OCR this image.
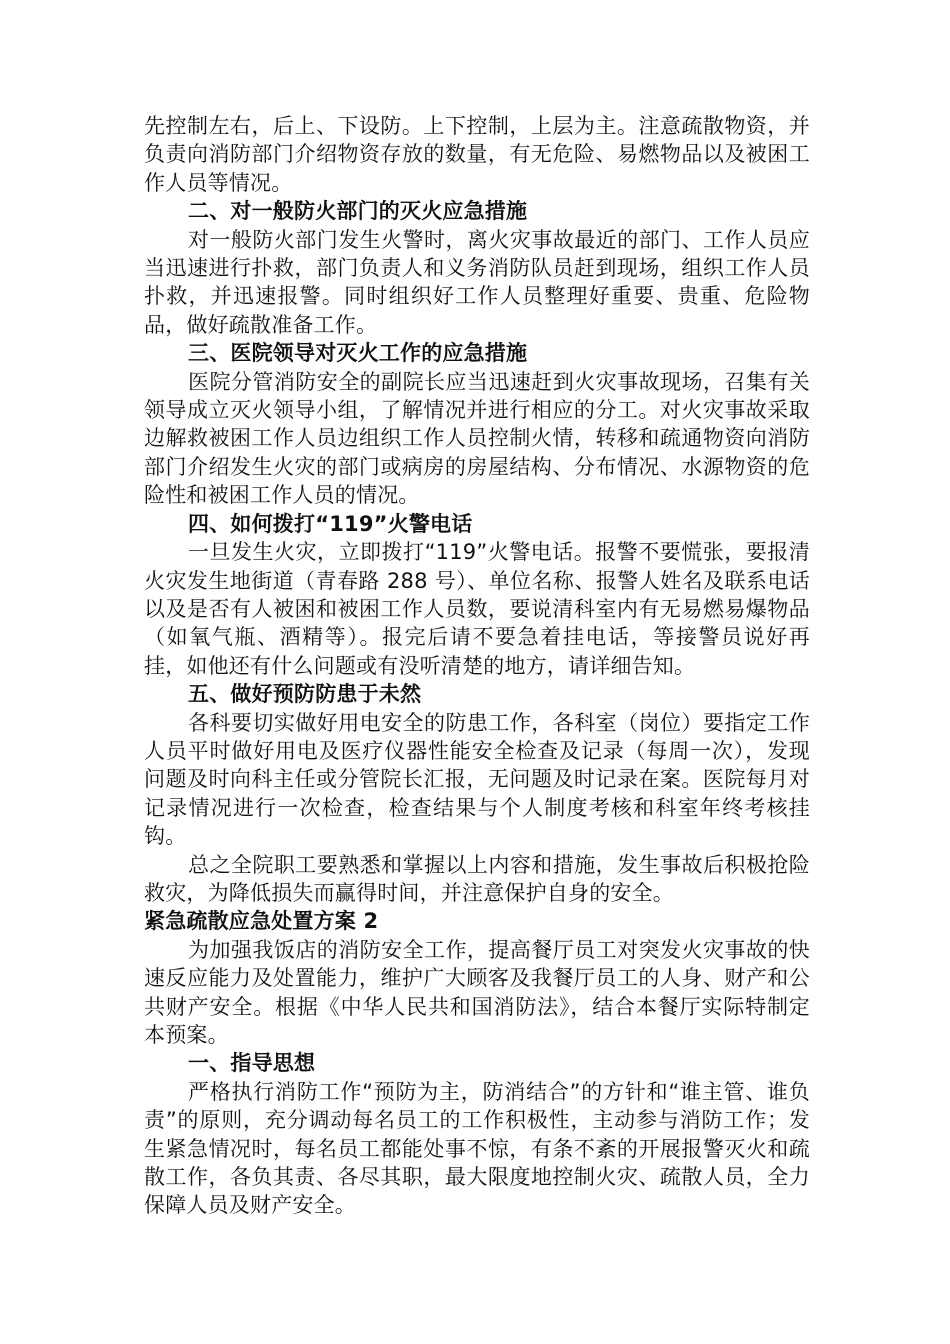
先控制左右，后上、下设防。上下控制，上层为主。注意疏散物资，并负责向消防部门介绍物资存放的数量，有无危险、易燃物品以及被困工作人员等情况。

二、对一般防火部门的灭火应急措施

对一般防火部门发生火警时，离火灾事故最近的部门、工作人员应当迅速进行扑救，部门负责人和义务消防队员赶到现场，组织工作人员扑救，并迅速报警。同时组织好工作人员整理好重要、贵重、危险物品，做好疏散准备工作。

三、医院领导对灭火工作的应急措施

医院分管消防安全的副院长应当迅速赶到火灾事故现场，召集有关领导成立灭火领导小组，了解情况并进行相应的分工。对火灾事故采取边解救被困工作人员边组织工作人员控制火情，转移和疏通物资向消防部门介绍发生火灾的部门或病房的房屋结构、分布情况、水源物资的危险性和被困工作人员的情况。

四、如何拨打“119”火警电话

一旦发生火灾，立即拨打“119”火警电话。报警不要慌张，要报清火灾发生地街道（青春路 288 号）、单位名称、报警人姓名及联系电话以及是否有人被困和被困工作人员数，要说清科室内有无易燃易爆物品（如氧气瓶、酒精等）。报完后请不要急着挂电话，等接警员说好再挂，如他还有什么问题或有没听清楚的地方，请详细告知。

五、做好预防防患于未然

各科要切实做好用电安全的防患工作，各科室（岗位）要指定工作人员平时做好用电及医疗仪器性能安全检查及记录（每周一次），发现问题及时向科主任或分管院长汇报，无问题及时记录在案。医院每月对记录情况进行一次检查，检查结果与个人制度考核和科室年终考核挂钩。

总之全院职工要熟悉和掌握以上内容和措施，发生事故后积极抢险救灾，为降低损失而赢得时间，并注意保护自身的安全。

紧急疏散应急处置方案 2

为加强我饭店的消防安全工作，提高餐厅员工对突发火灾事故的快速反应能力及处置能力，维护广大顾客及我餐厅员工的人身、财产和公共财产安全。根据《中华人民共和国消防法》，结合本餐厅实际特制定本预案。

一、指导思想

严格执行消防工作“预防为主，防消结合”的方针和“谁主管、谁负责”的原则，充分调动每名员工的工作积极性，主动参与消防工作；发生紧急情况时，每名员工都能处事不惊，有条不紊的开展报警灭火和疏散工作，各负其责、各尽其职，最大限度地控制火灾、疏散人员，全力保障人员及财产安全。
